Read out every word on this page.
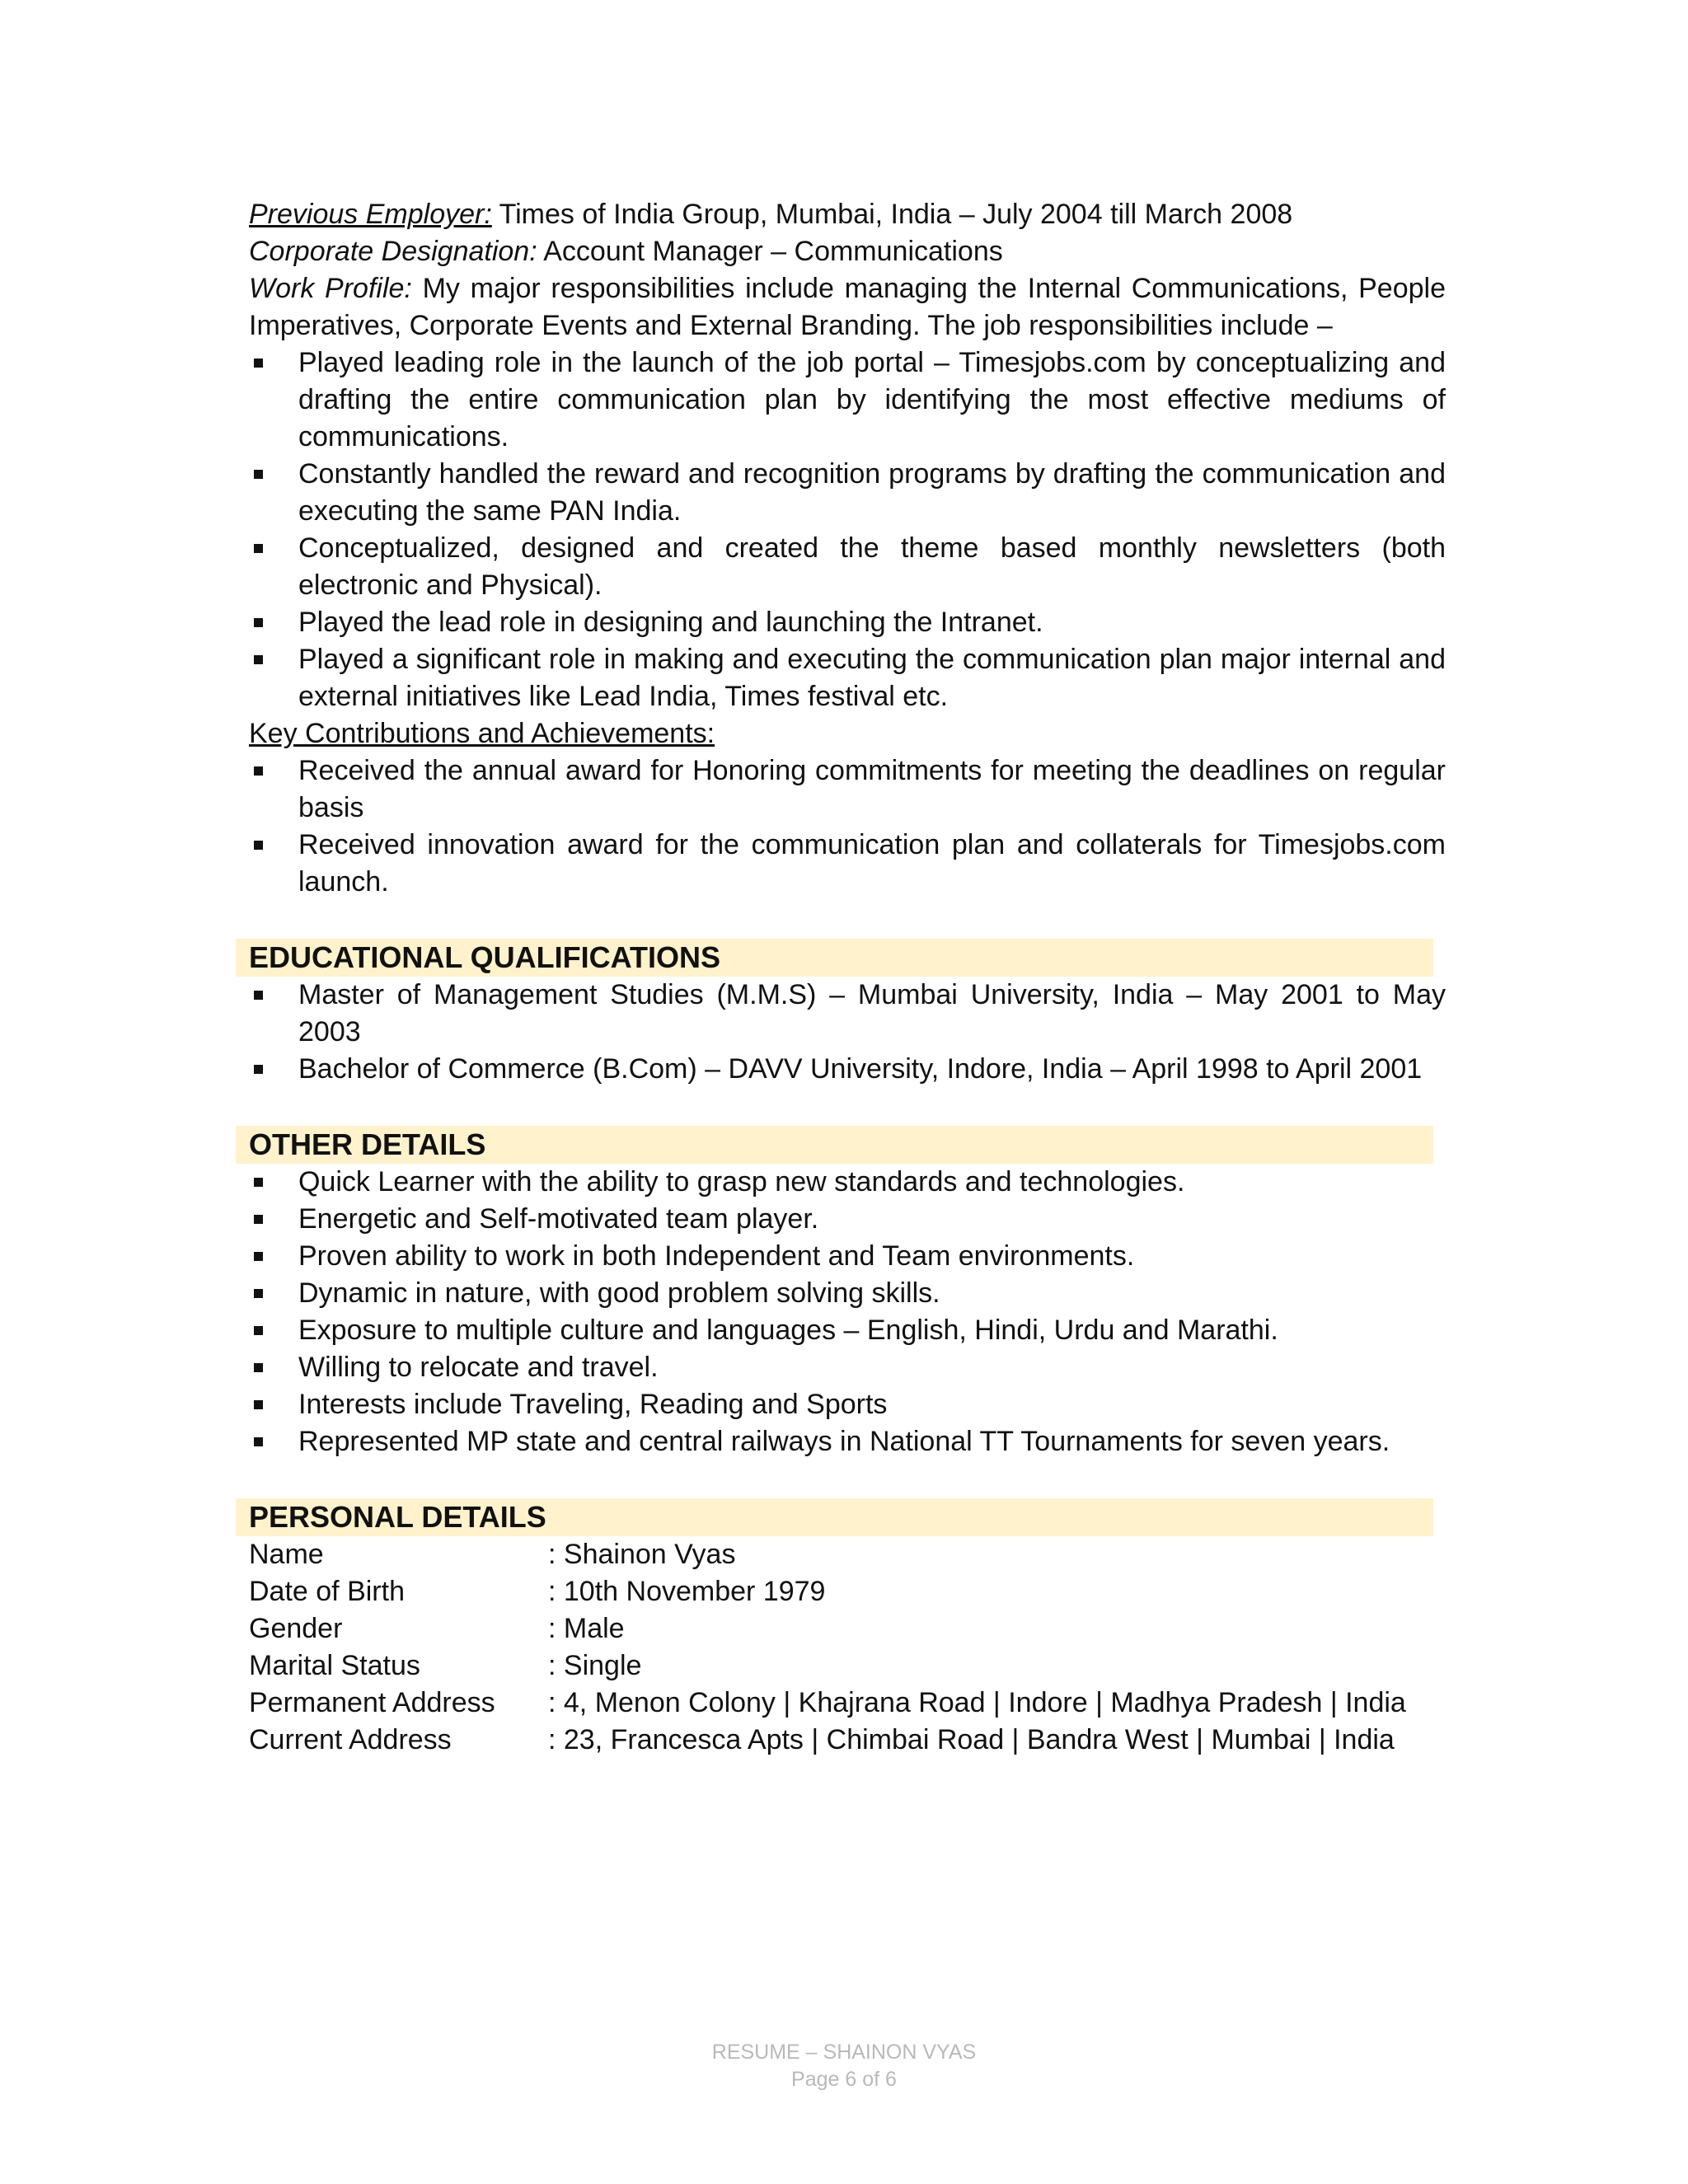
Previous Employer: Times of India Group, Mumbai, India – July 2004 till March 2008
Corporate Designation: Account Manager – Communications
Work Profile: My major responsibilities include managing the Internal Communications, People Imperatives, Corporate Events and External Branding. The job responsibilities include –
Played leading role in the launch of the job portal – Timesjobs.com by conceptualizing and drafting the entire communication plan by identifying the most effective mediums of communications.
Constantly handled the reward and recognition programs by drafting the communication and executing the same PAN India.
Conceptualized, designed and created the theme based monthly newsletters (both electronic and Physical).
Played the lead role in designing and launching the Intranet.
Played a significant role in making and executing the communication plan major internal and external initiatives like Lead India, Times festival etc.
Key Contributions and Achievements:
Received the annual award for Honoring commitments for meeting the deadlines on regular basis
Received innovation award for the communication plan and collaterals for Timesjobs.com launch.
EDUCATIONAL QUALIFICATIONS
Master of Management Studies (M.M.S) – Mumbai University, India – May 2001 to May 2003
Bachelor of Commerce (B.Com) – DAVV University, Indore, India – April 1998 to April 2001
OTHER DETAILS
Quick Learner with the ability to grasp new standards and technologies.
Energetic and Self-motivated team player.
Proven ability to work in both Independent and Team environments.
Dynamic in nature, with good problem solving skills.
Exposure to multiple culture and languages – English, Hindi, Urdu and Marathi.
Willing to relocate and travel.
Interests include Traveling, Reading and Sports
Represented MP state and central railways in National TT Tournaments for seven years.
PERSONAL DETAILS
Name	: Shainon Vyas
Date of Birth	: 10th November 1979
Gender	: Male
Marital Status	: Single
Permanent Address	: 4, Menon Colony | Khajrana Road | Indore | Madhya Pradesh | India
Current Address	: 23, Francesca Apts | Chimbai Road | Bandra West | Mumbai | India
RESUME – SHAINON VYAS
Page 6 of 6
